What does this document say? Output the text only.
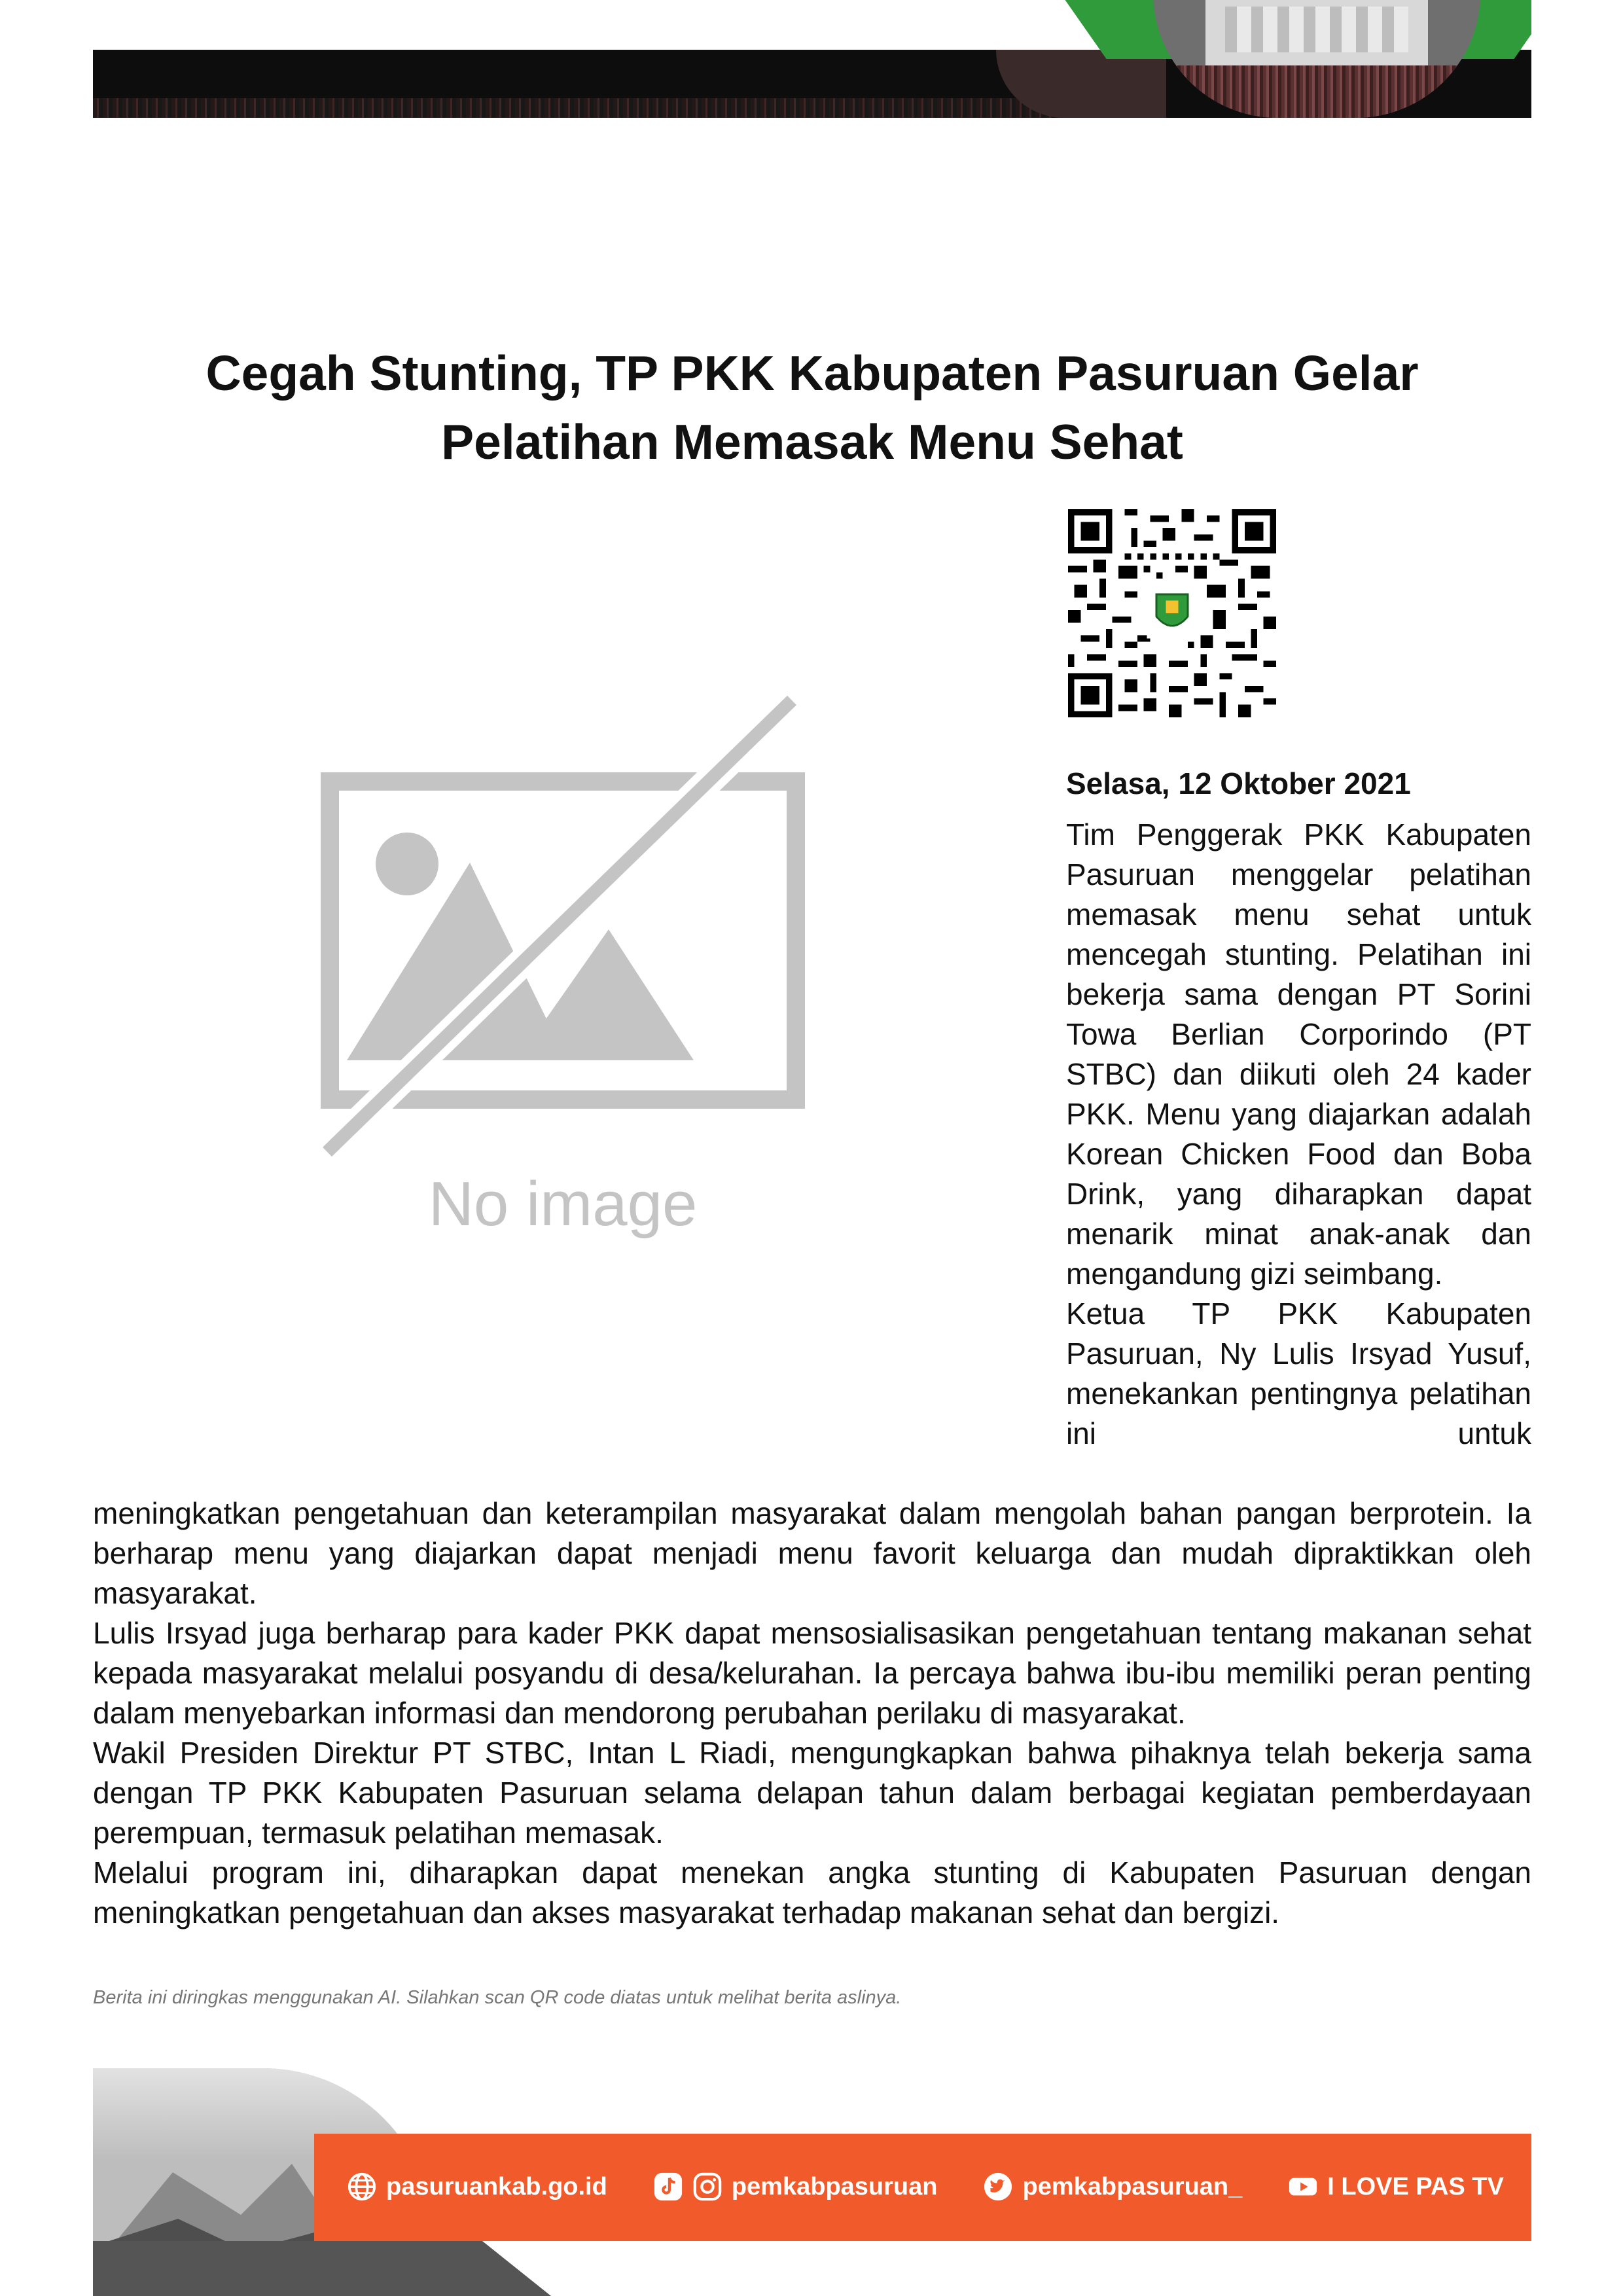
Cegah Stunting, TP PKK Kabupaten Pasuruan Gelar
Pelatihan Memasak Menu Sehat
No image
Selasa, 12 Oktober 2021

Tim Penggerak PKK Kabupaten Pasuruan menggelar pelatihan memasak menu sehat untuk mencegah stunting. Pelatihan ini bekerja sama dengan PT Sorini Towa Berlian Corporindo (PT STBC) dan diikuti oleh 24 kader PKK. Menu yang diajarkan adalah Korean Chicken Food dan Boba Drink, yang diharapkan dapat menarik minat anak-anak dan mengandung gizi seimbang.

Ketua TP PKK Kabupaten Pasuruan, Ny Lulis Irsyad Yusuf, menekankan pentingnya pelatihan ini untuk

meningkatkan pengetahuan dan keterampilan masyarakat dalam mengolah bahan pangan berprotein. Ia berharap menu yang diajarkan dapat menjadi menu favorit keluarga dan mudah dipraktikkan oleh masyarakat.

Lulis Irsyad juga berharap para kader PKK dapat mensosialisasikan pengetahuan tentang makanan sehat kepada masyarakat melalui posyandu di desa/kelurahan. Ia percaya bahwa ibu-ibu memiliki peran penting dalam menyebarkan informasi dan mendorong perubahan perilaku di masyarakat.

Wakil Presiden Direktur PT STBC, Intan L Riadi, mengungkapkan bahwa pihaknya telah bekerja sama dengan TP PKK Kabupaten Pasuruan selama delapan tahun dalam berbagai kegiatan pemberdayaan perempuan, termasuk pelatihan memasak.

Melalui program ini, diharapkan dapat menekan angka stunting di Kabupaten Pasuruan dengan meningkatkan pengetahuan dan akses masyarakat terhadap makanan sehat dan bergizi.

Berita ini diringkas menggunakan AI. Silahkan scan QR code diatas untuk melihat berita aslinya.
pasuruankab.go.id	pemkabpasuruan	pemkabpasuruan_	I LOVE PAS TV
